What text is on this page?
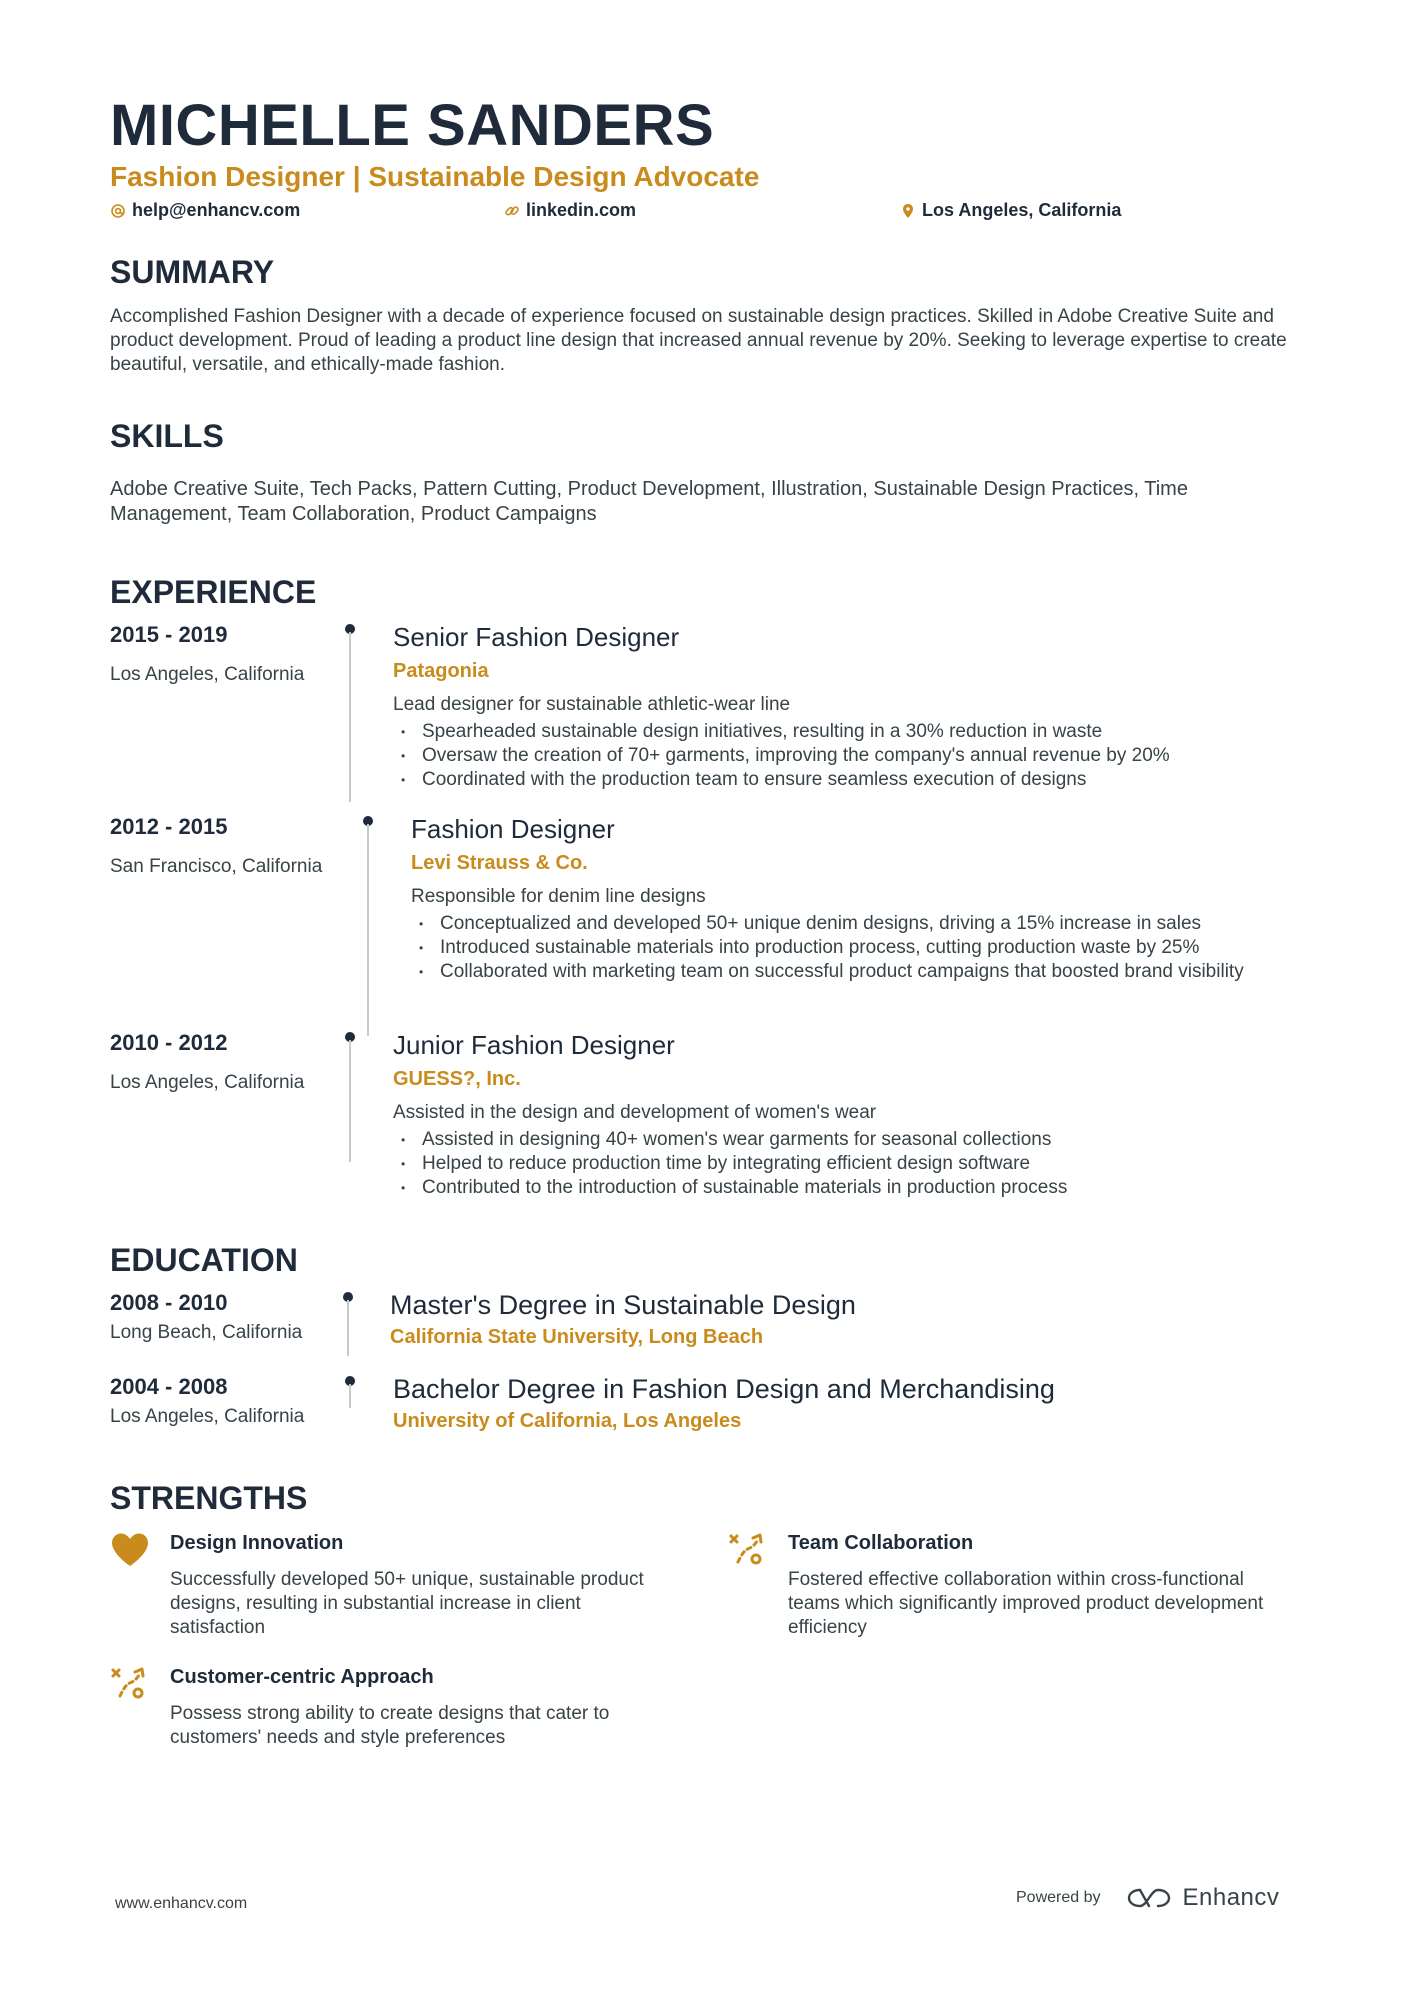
MICHELLE SANDERS
Fashion Designer | Sustainable Design Advocate
help@enhancv.com	linkedin.com	Los Angeles, California
SUMMARY
Accomplished Fashion Designer with a decade of experience focused on sustainable design practices. Skilled in Adobe Creative Suite and product development. Proud of leading a product line design that increased annual revenue by 20%. Seeking to leverage expertise to create beautiful, versatile, and ethically-made fashion.
SKILLS
Adobe Creative Suite, Tech Packs, Pattern Cutting, Product Development, Illustration, Sustainable Design Practices, Time Management, Team Collaboration, Product Campaigns
EXPERIENCE
2015 - 2019
Los Angeles, California
Senior Fashion Designer
Patagonia
Lead designer for sustainable athletic-wear line
• Spearheaded sustainable design initiatives, resulting in a 30% reduction in waste
• Oversaw the creation of 70+ garments, improving the company's annual revenue by 20%
• Coordinated with the production team to ensure seamless execution of designs
2012 - 2015
San Francisco, California
Fashion Designer
Levi Strauss & Co.
Responsible for denim line designs
• Conceptualized and developed 50+ unique denim designs, driving a 15% increase in sales
• Introduced sustainable materials into production process, cutting production waste by 25%
• Collaborated with marketing team on successful product campaigns that boosted brand visibility
2010 - 2012
Los Angeles, California
Junior Fashion Designer
GUESS?, Inc.
Assisted in the design and development of women's wear
• Assisted in designing 40+ women's wear garments for seasonal collections
• Helped to reduce production time by integrating efficient design software
• Contributed to the introduction of sustainable materials in production process
EDUCATION
2008 - 2010
Long Beach, California
Master's Degree in Sustainable Design
California State University, Long Beach
2004 - 2008
Los Angeles, California
Bachelor Degree in Fashion Design and Merchandising
University of California, Los Angeles
STRENGTHS
Design Innovation
Successfully developed 50+ unique, sustainable product designs, resulting in substantial increase in client satisfaction
Team Collaboration
Fostered effective collaboration within cross-functional teams which significantly improved product development efficiency
Customer-centric Approach
Possess strong ability to create designs that cater to customers' needs and style preferences
www.enhancv.com	Powered by	Enhancv
